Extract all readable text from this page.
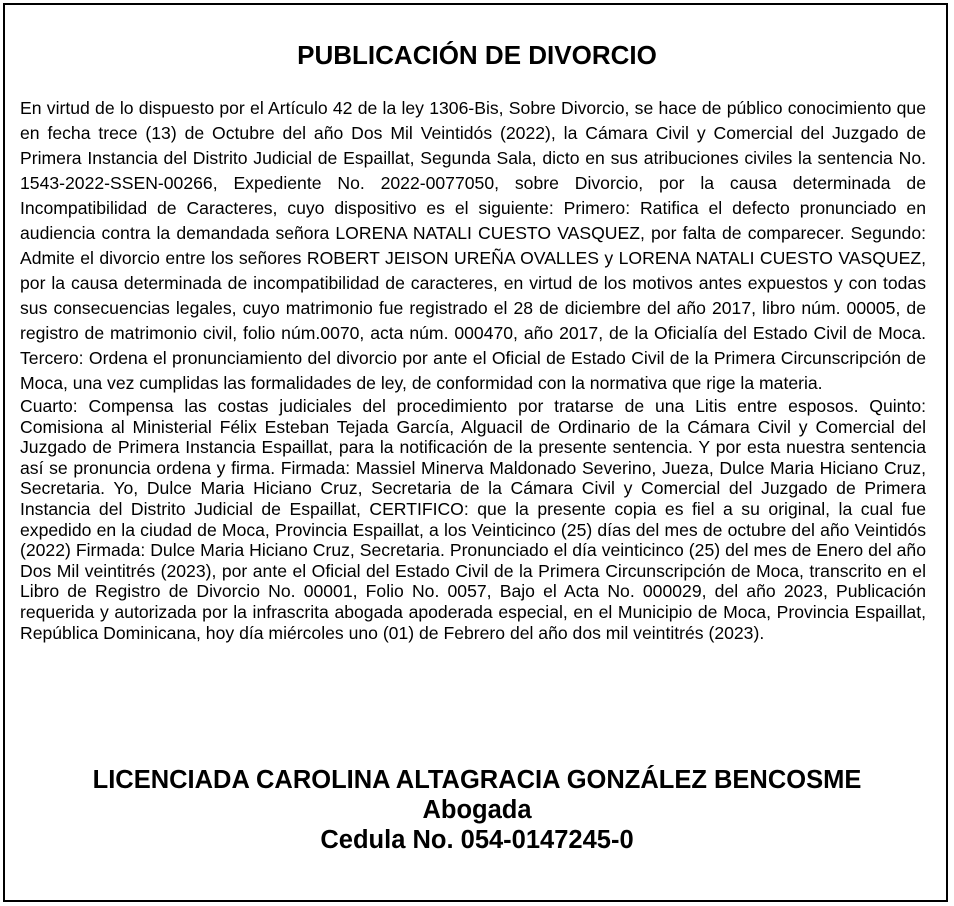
PUBLICACIÓN DE DIVORCIO

En virtud de lo dispuesto por el Artículo 42 de la ley 1306-Bis, Sobre Divorcio, se hace de público conocimiento que en fecha trece (13) de Octubre del año Dos Mil Veintidós (2022), la Cámara Civil y Comercial del Juzgado de Primera Instancia del Distrito Judicial de Espaillat, Segunda Sala, dicto en sus atribuciones civiles la sentencia No. 1543-2022-SSEN-00266, Expediente No. 2022-0077050, sobre Divorcio, por la causa determinada de Incompatibilidad de Caracteres, cuyo dispositivo es el siguiente: Primero: Ratifica el defecto pronunciado en audiencia contra la demandada señora LORENA NATALI CUESTO VASQUEZ, por falta de comparecer. Segundo: Admite el divorcio entre los señores ROBERT JEISON UREÑA OVALLES y LORENA NATALI CUESTO VASQUEZ, por la causa determinada de incompatibilidad de caracteres, en virtud de los motivos antes expuestos y con todas sus consecuencias legales, cuyo matrimonio fue registrado el 28 de diciembre del año 2017, libro núm. 00005, de registro de matrimonio civil, folio núm.0070, acta núm. 000470, año 2017, de la Oficialía del Estado Civil de Moca. Tercero: Ordena el pronunciamiento del divorcio por ante el Oficial de Estado Civil de la Primera Circunscripción de Moca, una vez cumplidas las formalidades de ley, de conformidad con la normativa que rige la materia.
Cuarto: Compensa las costas judiciales del procedimiento por tratarse de una Litis entre esposos. Quinto: Comisiona al Ministerial Félix Esteban Tejada García, Alguacil de Ordinario de la Cámara Civil y Comercial del Juzgado de Primera Instancia Espaillat, para la notificación de la presente sentencia. Y por esta nuestra sentencia así se pronuncia ordena y firma. Firmada: Massiel Minerva Maldonado Severino, Jueza, Dulce Maria Hiciano Cruz, Secretaria. Yo, Dulce Maria Hiciano Cruz, Secretaria de la Cámara Civil y Comercial del Juzgado de Primera Instancia del Distrito Judicial de Espaillat, CERTIFICO: que la presente copia es fiel a su original, la cual fue expedido en la ciudad de Moca, Provincia Espaillat, a los Veinticinco (25) días del mes de octubre del año Veintidós (2022) Firmada: Dulce Maria Hiciano Cruz, Secretaria. Pronunciado el día veinticinco (25) del mes de Enero del año Dos Mil veintitrés (2023), por ante el Oficial del Estado Civil de la Primera Circunscripción de Moca, transcrito en el Libro de Registro de Divorcio No. 00001, Folio No. 0057, Bajo el Acta No. 000029, del año 2023, Publicación requerida y autorizada por la infrascrita abogada apoderada especial, en el Municipio de Moca, Provincia Espaillat, República Dominicana, hoy día miércoles uno (01) de Febrero del año dos mil veintitrés (2023).

LICENCIADA CAROLINA ALTAGRACIA GONZÁLEZ BENCOSME
Abogada
Cedula No. 054-0147245-0
